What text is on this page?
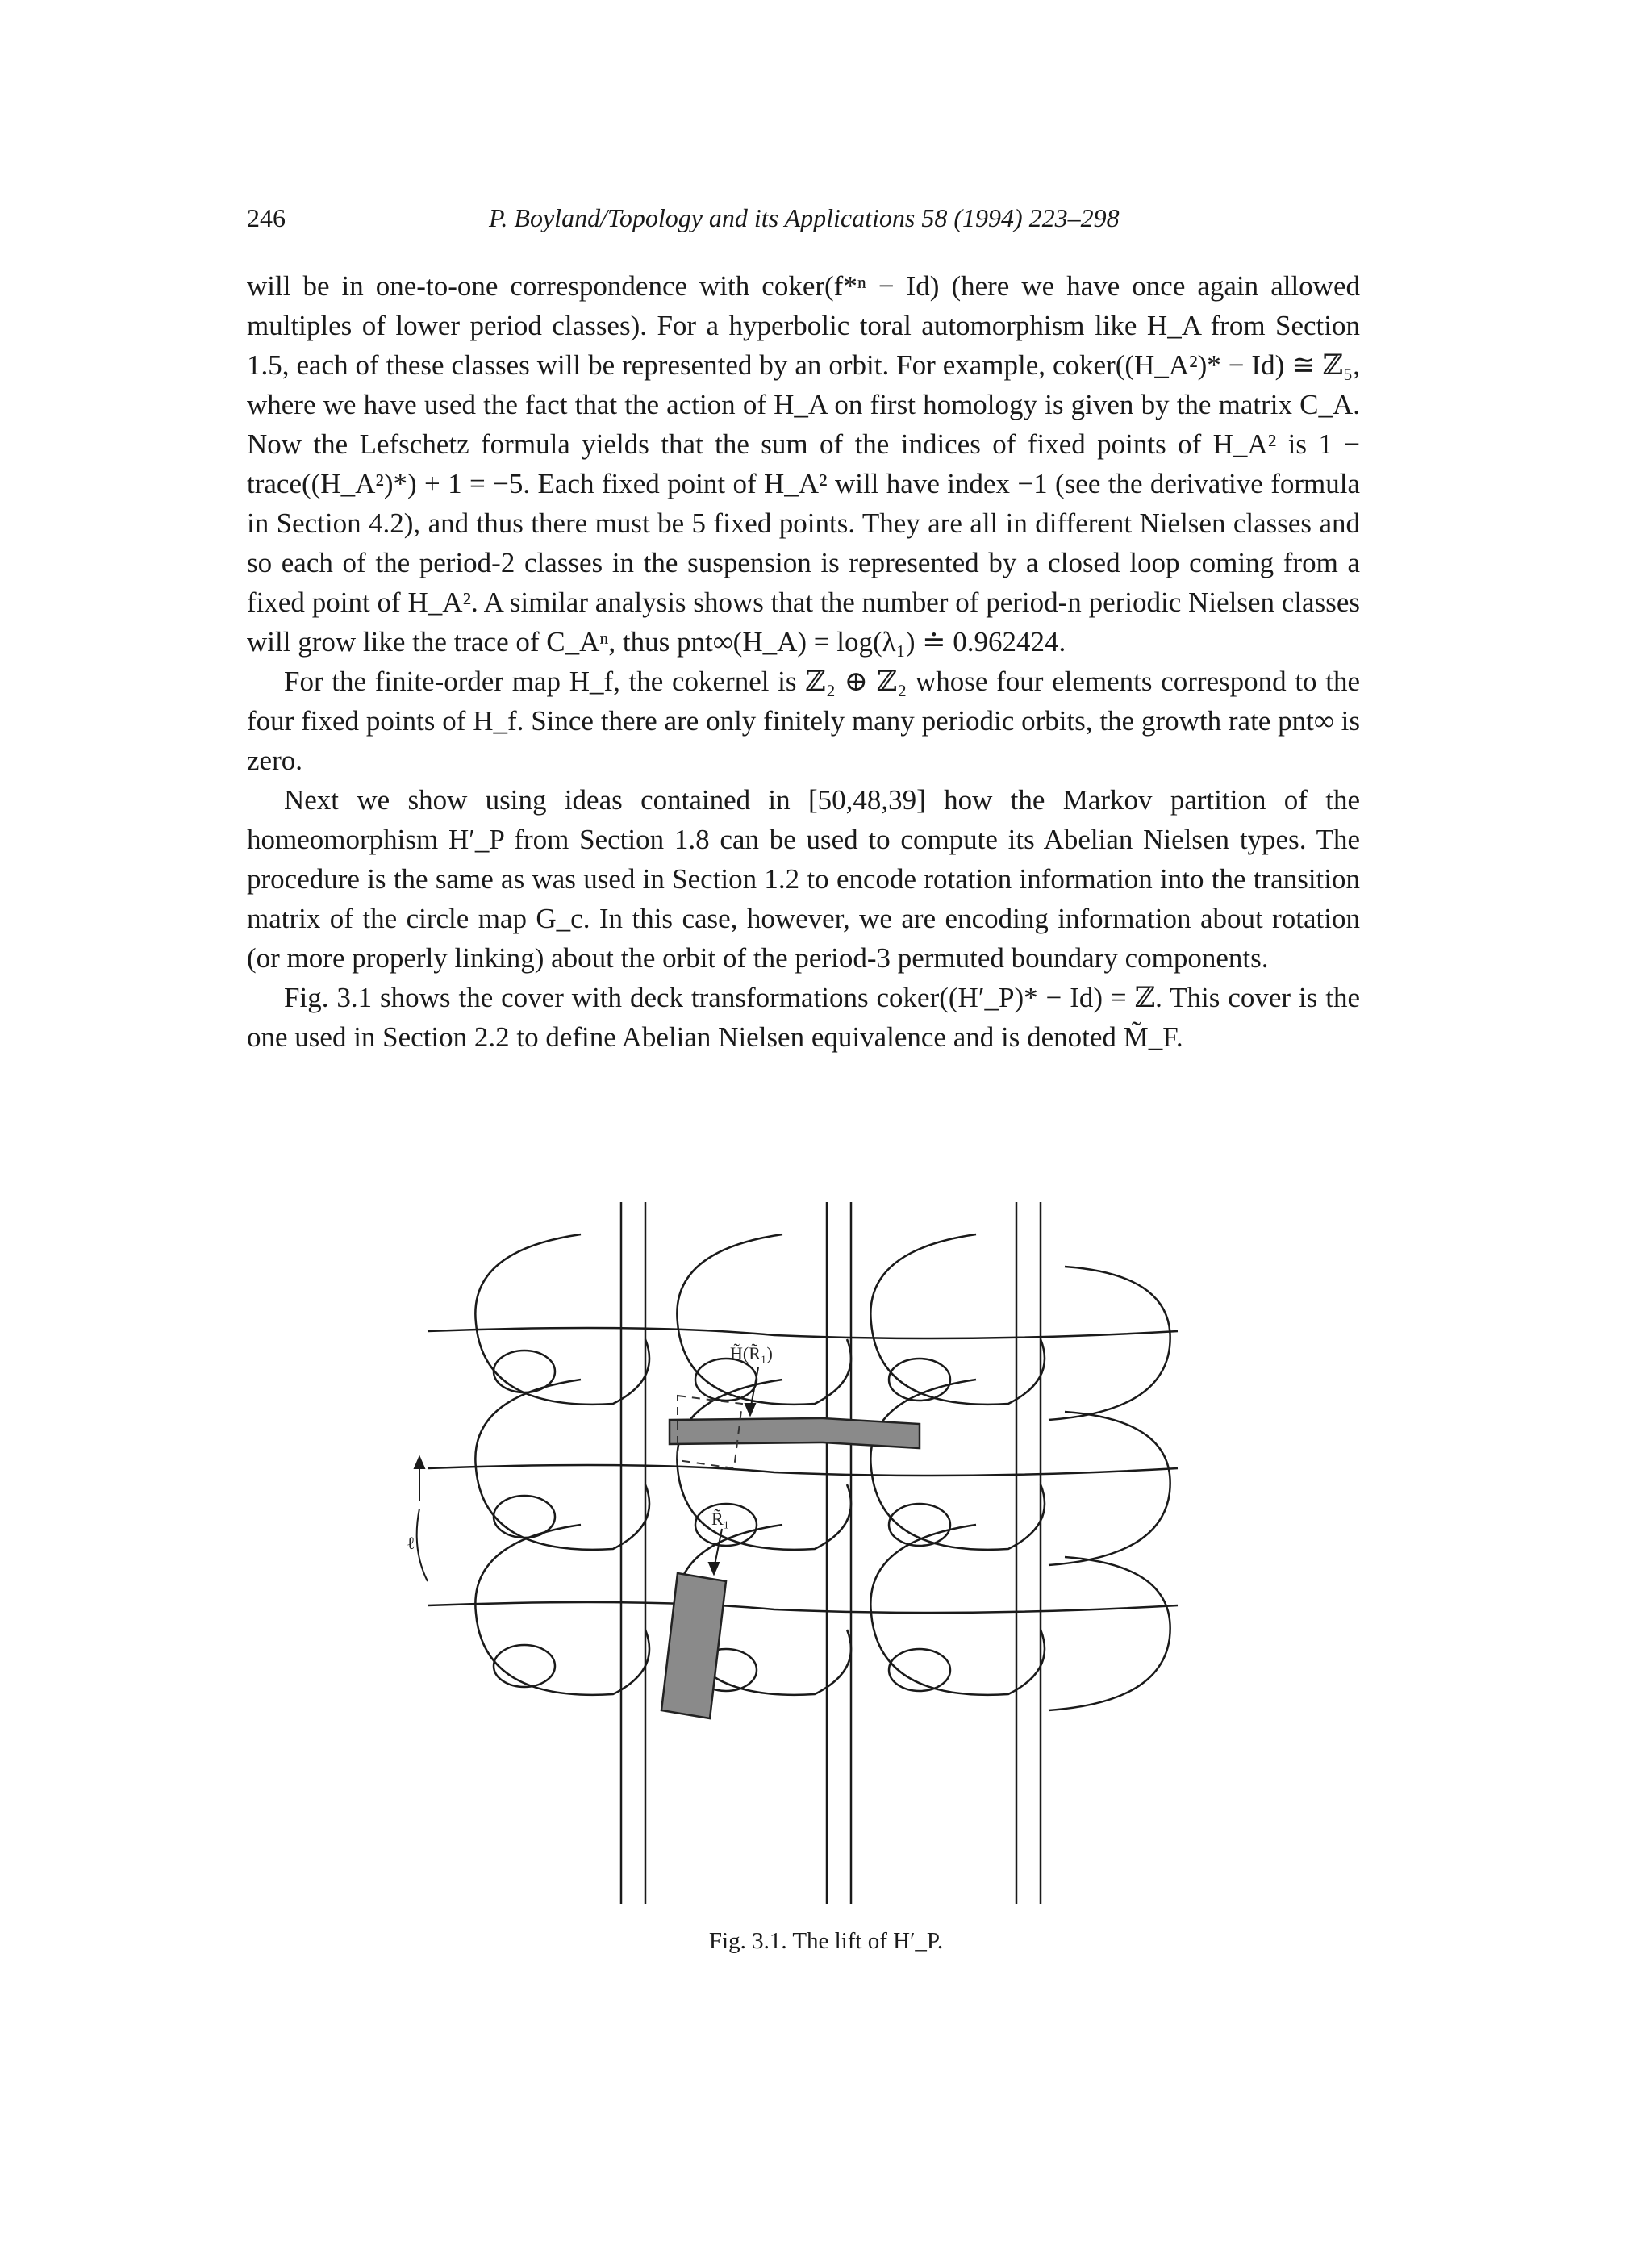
246	P. Boyland/Topology and its Applications 58 (1994) 223–298

will be in one-to-one correspondence with coker(f*ⁿ − Id) (here we have once again allowed multiples of lower period classes). For a hyperbolic toral automorphism like H_A from Section 1.5, each of these classes will be represented by an orbit. For example, coker((H_A²)* − Id) ≅ ℤ₅, where we have used the fact that the action of H_A on first homology is given by the matrix C_A. Now the Lefschetz formula yields that the sum of the indices of fixed points of H_A² is 1 − trace((H_A²)*) + 1 = −5. Each fixed point of H_A² will have index −1 (see the derivative formula in Section 4.2), and thus there must be 5 fixed points. They are all in different Nielsen classes and so each of the period-2 classes in the suspension is represented by a closed loop coming from a fixed point of H_A². A similar analysis shows that the number of period-n periodic Nielsen classes will grow like the trace of C_Aⁿ, thus pnt∞(H_A) = log(λ₁) ≐ 0.962424.

For the finite-order map H_f, the cokernel is ℤ₂ ⊕ ℤ₂ whose four elements correspond to the four fixed points of H_f. Since there are only finitely many periodic orbits, the growth rate pnt∞ is zero.

Next we show using ideas contained in [50,48,39] how the Markov partition of the homeomorphism H′_P from Section 1.8 can be used to compute its Abelian Nielsen types. The procedure is the same as was used in Section 1.2 to encode rotation information into the transition matrix of the circle map G_c. In this case, however, we are encoding information about rotation (or more properly linking) about the orbit of the period-3 permuted boundary components.

Fig. 3.1 shows the cover with deck transformations coker((H′_P)* − Id) = ℤ. This cover is the one used in Section 2.2 to define Abelian Nielsen equivalence and is denoted M̃_F.

H̃(R̃₁)
R̃₁
ℓ
Fig. 3.1. The lift of H′_P.
